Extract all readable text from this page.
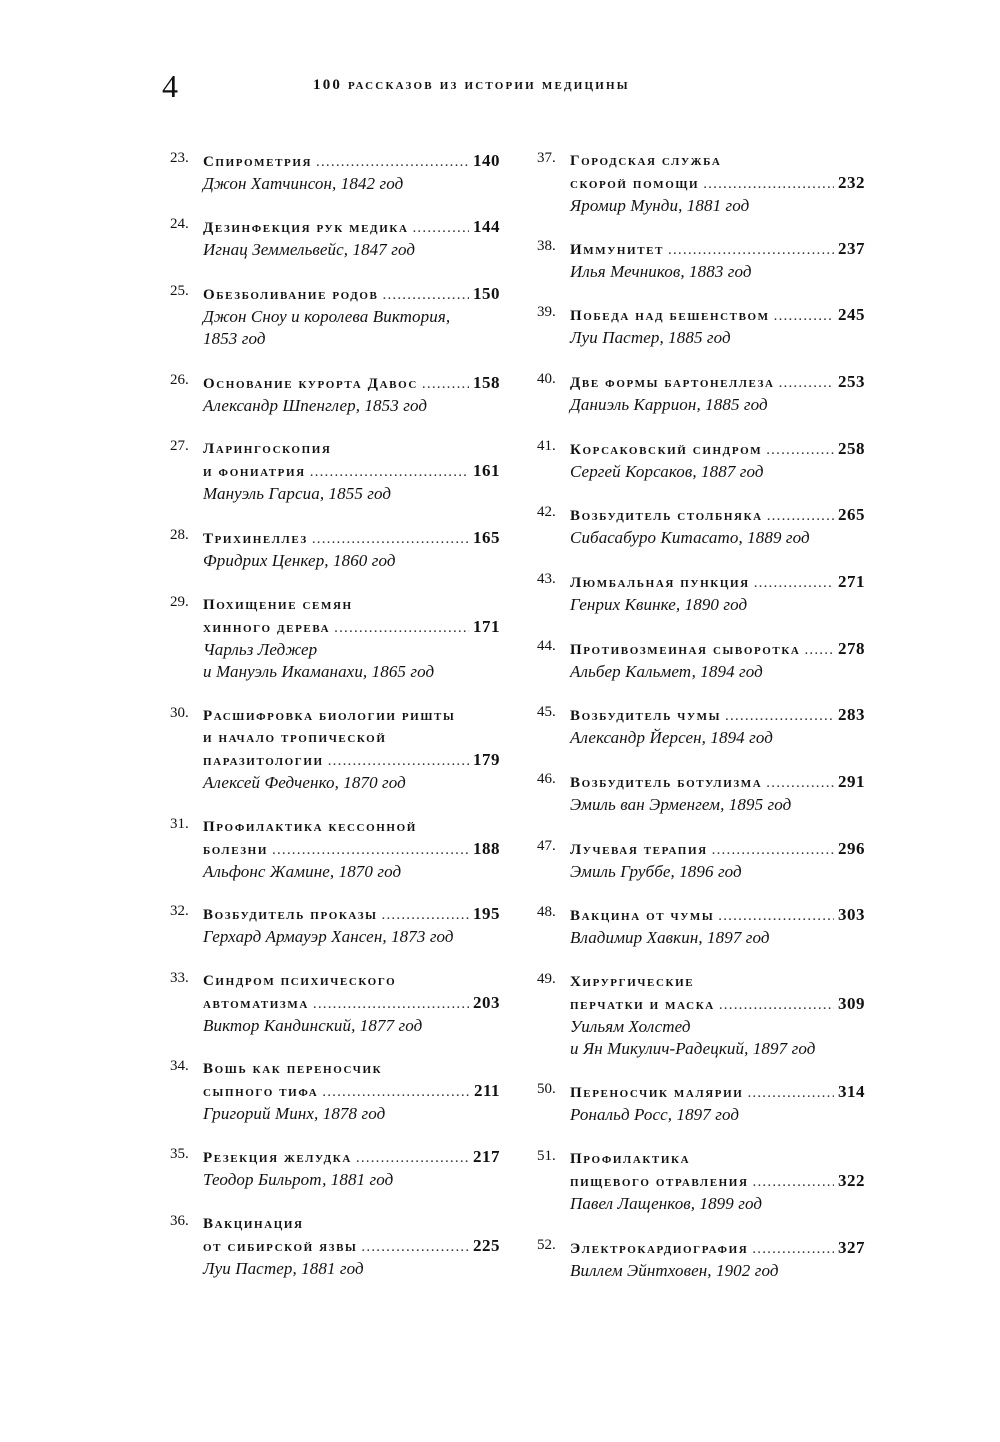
4	100 рассказов из истории медицины
23. Спирометрия .....	140
Джон Хатчинсон, 1842 год
24. Дезинфекция рук медика .....	144
Игнац Земмельвейс, 1847 год
25. Обезболивание родов .....	150
Джон Сноу и королева Виктория,
1853 год
26. Основание курорта Давос .....	158
Александр Шпенглер, 1853 год
27. Ларингоскопия
и фониатрия .....	161
Мануэль Гарсиа, 1855 год
28. Трихинеллез .....	165
Фридрих Ценкер, 1860 год
29. Похищение семян
хинного дерева .....	171
Чарльз Леджер
и Мануэль Икаманахи, 1865 год
30. Расшифровка биологии ришты
и начало тропической
паразитологии .....	179
Алексей Федченко, 1870 год
31. Профилактика кессонной
болезни .....	188
Альфонс Жамине, 1870 год
32. Возбудитель проказы .....	195
Герхард Армауэр Хансен, 1873 год
33. Синдром психического
автоматизма .....	203
Виктор Кандинский, 1877 год
34. Вошь как переносчик
сыпного тифа .....	211
Григорий Минх, 1878 год
35. Резекция желудка .....	217
Теодор Бильрот, 1881 год
36. Вакцинация
от сибирской язвы .....	225
Луи Пастер, 1881 год
37. Городская служба
скорой помощи .....	232
Яромир Мунди, 1881 год
38. Иммунитет .....	237
Илья Мечников, 1883 год
39. Победа над бешенством .....	245
Луи Пастер, 1885 год
40. Две формы бартонеллеза .....	253
Даниэль Каррион, 1885 год
41. Корсаковский синдром .....	258
Сергей Корсаков, 1887 год
42. Возбудитель столбняка .....	265
Сибасабуро Китасато, 1889 год
43. Люмбальная пункция .....	271
Генрих Квинке, 1890 год
44. Противозмеиная сыворотка ..... 278
Альбер Кальмет, 1894 год
45. Возбудитель чумы .....	283
Александр Йерсен, 1894 год
46. Возбудитель ботулизма .....	291
Эмиль ван Эрменгем, 1895 год
47. Лучевая терапия .....	296
Эмиль Груббе, 1896 год
48. Вакцина от чумы .....	303
Владимир Хавкин, 1897 год
49. Хирургические
перчатки и маска .....	309
Уильям Холстед
и Ян Микулич-Радецкий, 1897 год
50. Переносчик малярии .....	314
Рональд Росс, 1897 год
51. Профилактика
пищевого отравления .....	322
Павел Лащенков, 1899 год
52. Электрокардиография .....	327
Виллем Эйнтховен, 1902 год
